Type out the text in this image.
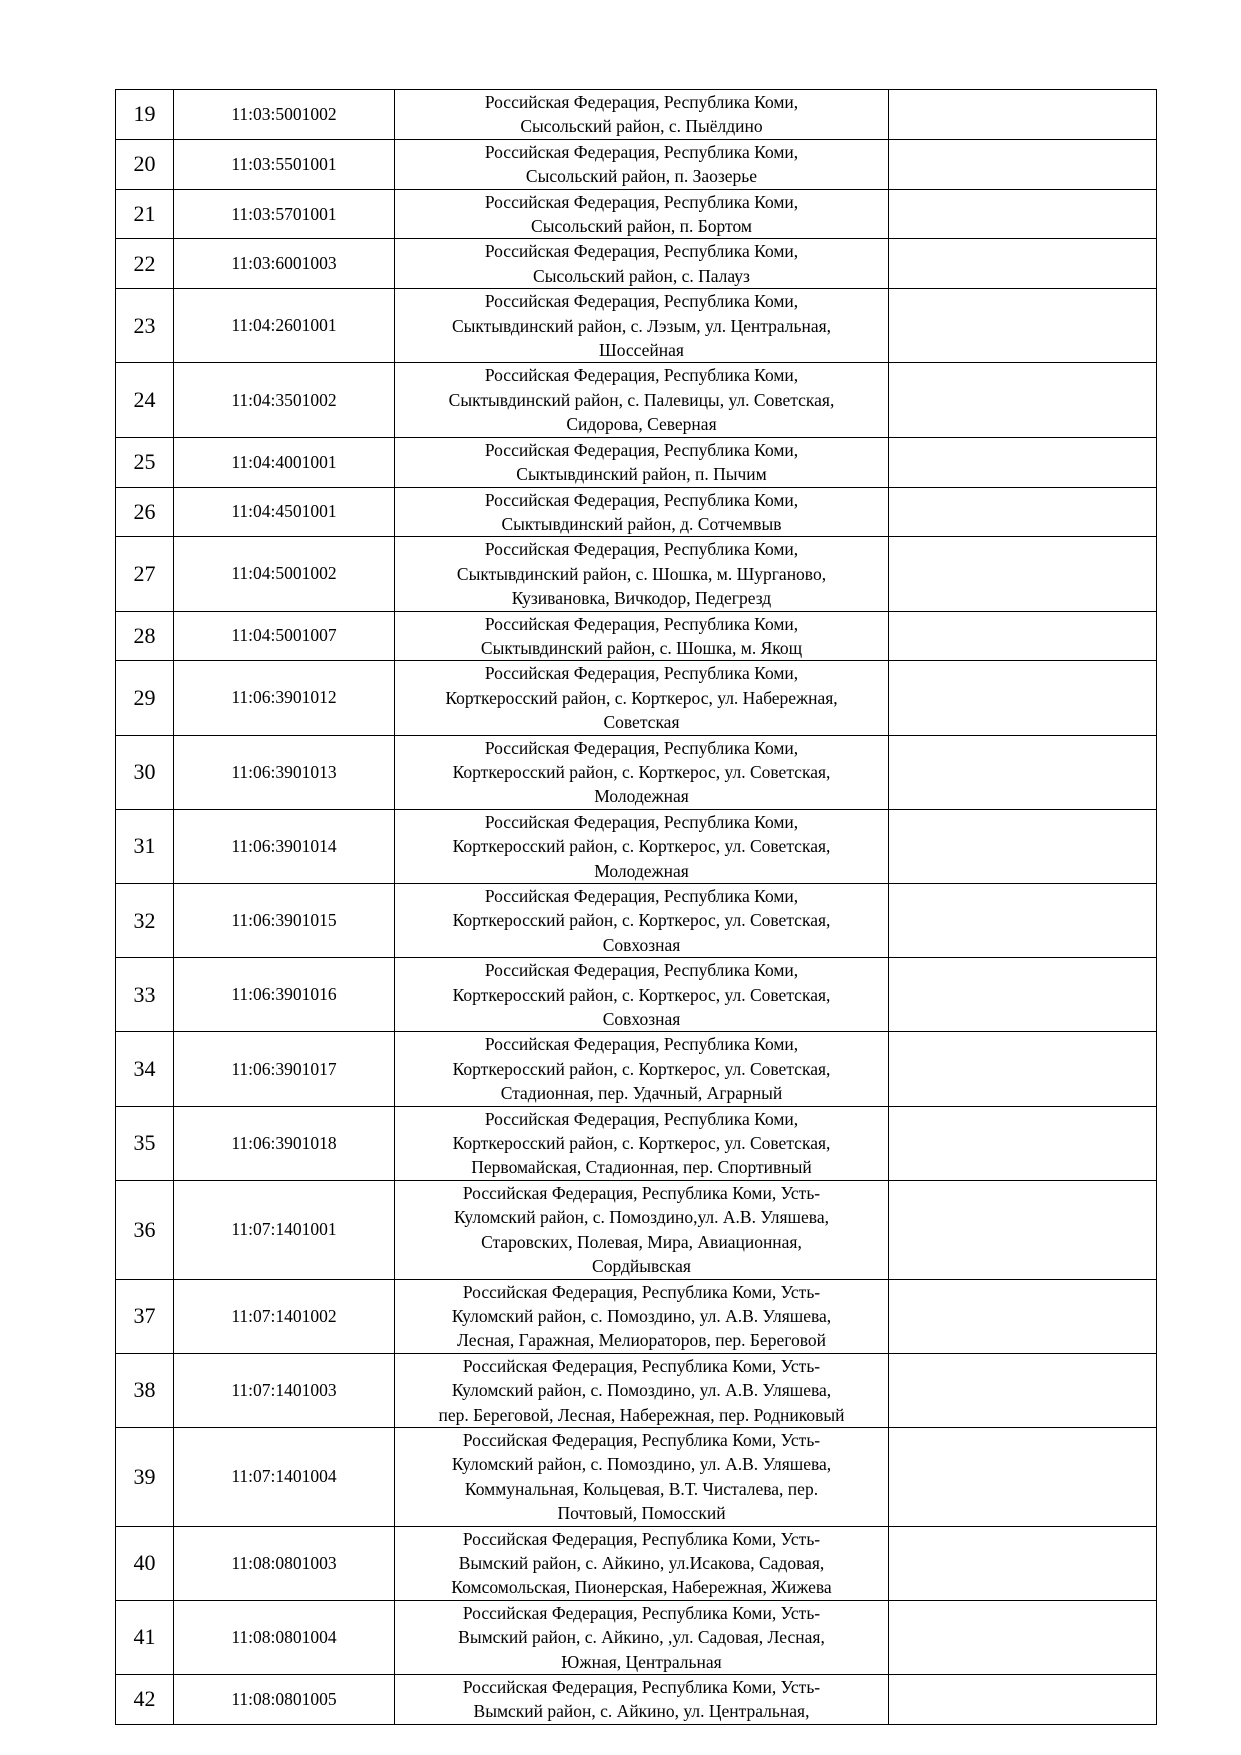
19	11:03:5001002	Российская Федерация, Республика Коми,
Сысольский район, с. Пыёлдино	
20	11:03:5501001	Российская Федерация, Республика Коми,
Сысольский район, п. Заозерье	
21	11:03:5701001	Российская Федерация, Республика Коми,
Сысольский район, п. Бортом	
22	11:03:6001003	Российская Федерация, Республика Коми,
Сысольский район, с. Палауз	
23	11:04:2601001	Российская Федерация, Республика Коми,
Сыктывдинский район, с. Лэзым, ул. Центральная,
Шоссейная	
24	11:04:3501002	Российская Федерация, Республика Коми,
Сыктывдинский район, с. Палевицы, ул. Советская,
Сидорова, Северная	
25	11:04:4001001	Российская Федерация, Республика Коми,
Сыктывдинский район, п. Пычим	
26	11:04:4501001	Российская Федерация, Республика Коми,
Сыктывдинский район, д. Сотчемвыв	
27	11:04:5001002	Российская Федерация, Республика Коми,
Сыктывдинский район, с. Шошка, м. Шурганово,
Кузивановка, Вичкодор, Педегрезд	
28	11:04:5001007	Российская Федерация, Республика Коми,
Сыктывдинский район, с. Шошка, м. Якощ	
29	11:06:3901012	Российская Федерация, Республика Коми,
Корткеросский район, с. Корткерос, ул. Набережная,
Советская	
30	11:06:3901013	Российская Федерация, Республика Коми,
Корткеросский район, с. Корткерос, ул. Советская,
Молодежная	
31	11:06:3901014	Российская Федерация, Республика Коми,
Корткеросский район, с. Корткерос, ул. Советская,
Молодежная	
32	11:06:3901015	Российская Федерация, Республика Коми,
Корткеросский район, с. Корткерос, ул. Советская,
Совхозная	
33	11:06:3901016	Российская Федерация, Республика Коми,
Корткеросский район, с. Корткерос, ул. Советская,
Совхозная	
34	11:06:3901017	Российская Федерация, Республика Коми,
Корткеросский район, с. Корткерос, ул. Советская,
Стадионная, пер. Удачный, Аграрный	
35	11:06:3901018	Российская Федерация, Республика Коми,
Корткеросский район, с. Корткерос, ул. Советская,
Первомайская, Стадионная, пер. Спортивный	
36	11:07:1401001	Российская Федерация, Республика Коми, Усть-
Куломский район, с. Помоздино,ул. А.В. Уляшева,
Старовских, Полевая, Мира, Авиационная,
Сордйывская	
37	11:07:1401002	Российская Федерация, Республика Коми, Усть-
Куломский район, с. Помоздино, ул. А.В. Уляшева,
Лесная, Гаражная, Мелиораторов, пер. Береговой	
38	11:07:1401003	Российская Федерация, Республика Коми, Усть-
Куломский район, с. Помоздино, ул. А.В. Уляшева,
пер. Береговой, Лесная, Набережная, пер. Родниковый	
39	11:07:1401004	Российская Федерация, Республика Коми, Усть-
Куломский район, с. Помоздино, ул. А.В. Уляшева,
Коммунальная, Кольцевая, В.Т. Чисталева, пер.
Почтовый, Помосский	
40	11:08:0801003	Российская Федерация, Республика Коми, Усть-
Вымский район, с. Айкино, ул.Исакова, Садовая,
Комсомольская, Пионерская, Набережная, Жижева	
41	11:08:0801004	Российская Федерация, Республика Коми, Усть-
Вымский район, с. Айкино, ,ул. Садовая, Лесная,
Южная, Центральная	
42	11:08:0801005	Российская Федерация, Республика Коми, Усть-
Вымский район, с. Айкино, ул. Центральная,	
